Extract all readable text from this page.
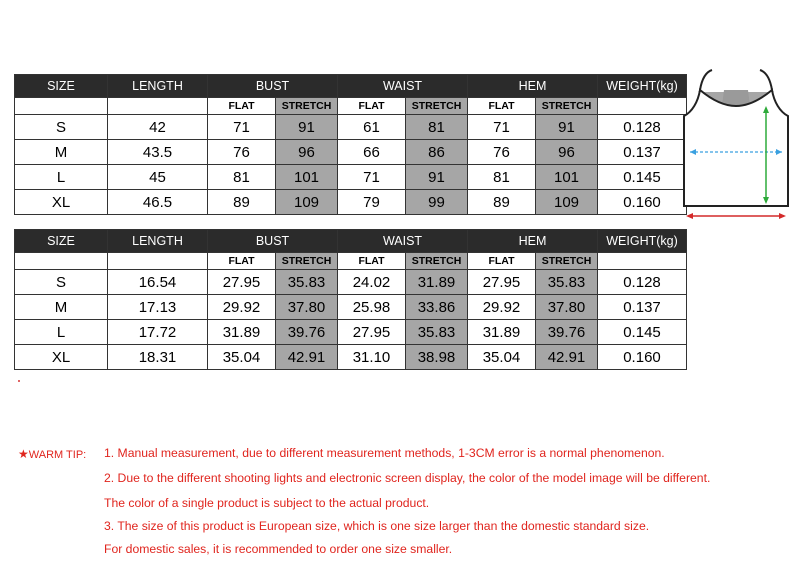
SIZE	LENGTH	BUST		WAIST		HEM		WEIGHT(kg)
		FLAT	STRETCH	FLAT	STRETCH	FLAT	STRETCH	
S	42	71	91	61	81	71	91	0.128
M	43.5	76	96	66	86	76	96	0.137
L	45	81	101	71	91	81	101	0.145
XL	46.5	89	109	79	99	89	109	0.160
SIZE	LENGTH	BUST		WAIST		HEM		WEIGHT(kg)
		FLAT	STRETCH	FLAT	STRETCH	FLAT	STRETCH	
S	16.54	27.95	35.83	24.02	31.89	27.95	35.83	0.128
M	17.13	29.92	37.80	25.98	33.86	29.92	37.80	0.137
L	17.72	31.89	39.76	27.95	35.83	31.89	39.76	0.145
XL	18.31	35.04	42.91	31.10	38.98	35.04	42.91	0.160
★WARM TIP: 1. Manual measurement, due to different measurement methods, 1-3CM error is a normal phenomenon.
2. Due to the different shooting lights and electronic screen display, the color of the model image will be different.
The color of a single product is subject to the actual product.
3. The size of this product is European size, which is one size larger than the domestic standard size.
For domestic sales, it is recommended to order one size smaller.
